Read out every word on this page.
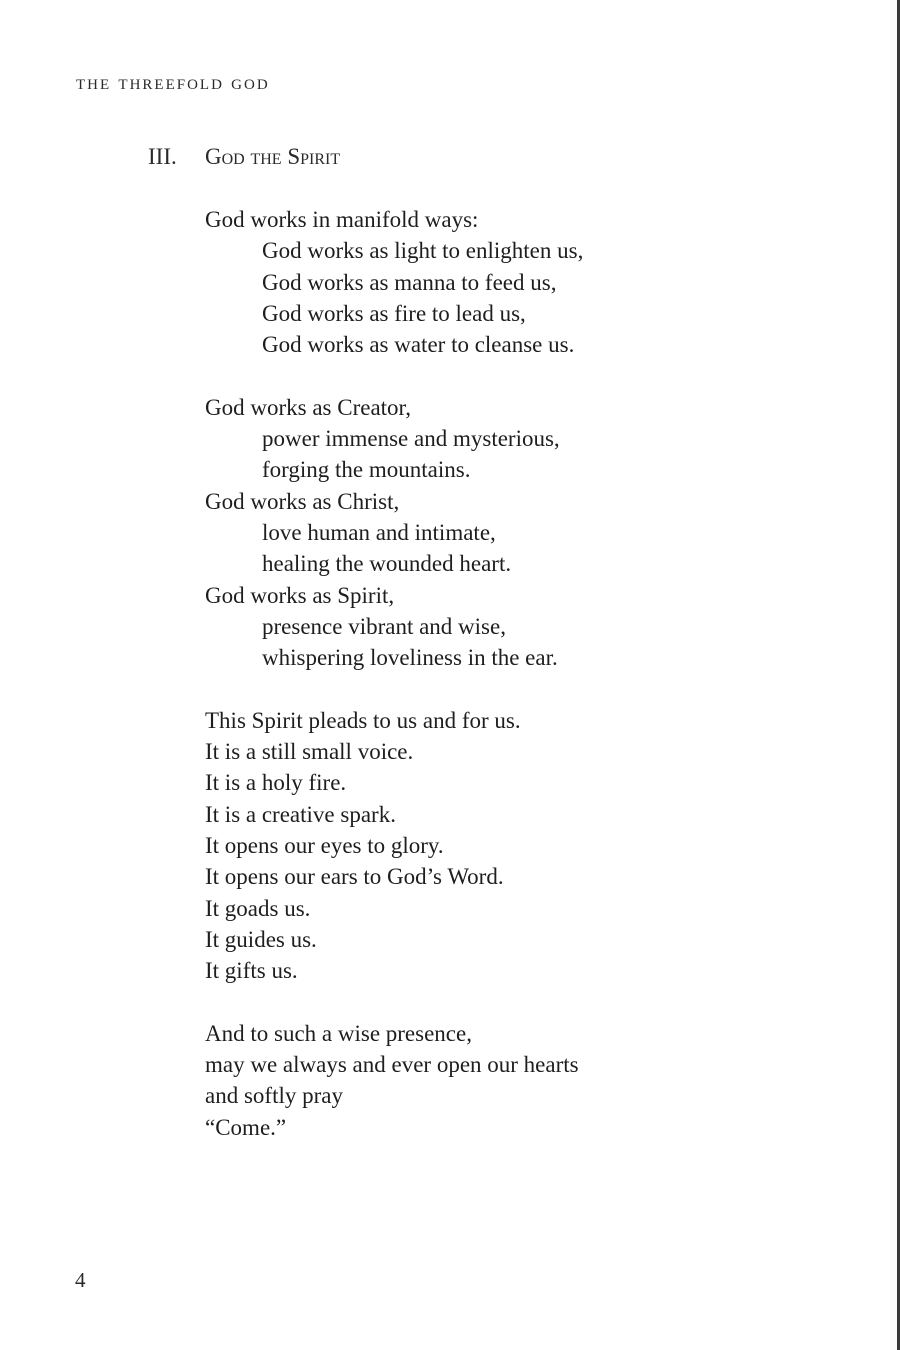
the threefold god
III. God the Spirit
God works in manifold ways:
God works as light to enlighten us,
God works as manna to feed us,
God works as fire to lead us,
God works as water to cleanse us.
God works as Creator,
power immense and mysterious,
forging the mountains.
God works as Christ,
love human and intimate,
healing the wounded heart.
God works as Spirit,
presence vibrant and wise,
whispering loveliness in the ear.
This Spirit pleads to us and for us.
It is a still small voice.
It is a holy fire.
It is a creative spark.
It opens our eyes to glory.
It opens our ears to God’s Word.
It goads us.
It guides us.
It gifts us.
And to such a wise presence,
may we always and ever open our hearts
and softly pray
“Come.”
4
